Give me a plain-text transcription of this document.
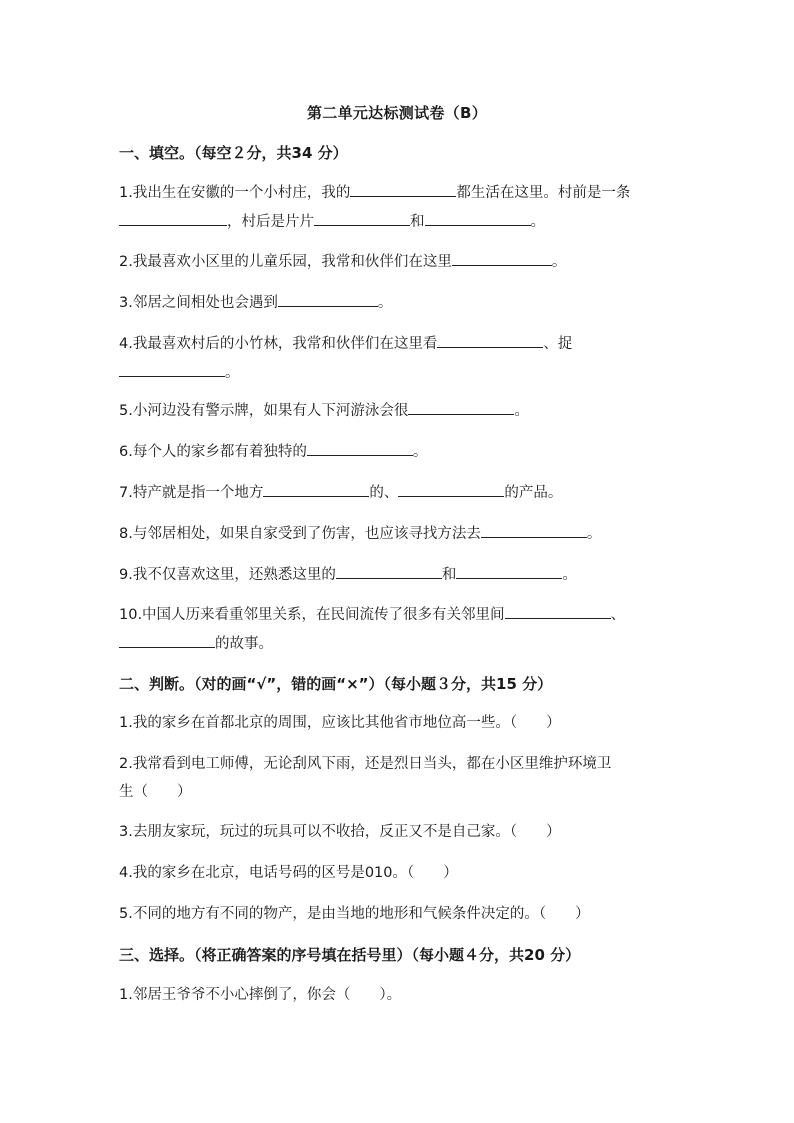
第二单元达标测试卷（B）
一、填空。（每空２分，共34 分）
1.我出生在安徽的一个小村庄，我的	都生活在这里。村前是一条
，村后是片片	和	。
2.我最喜欢小区里的儿童乐园，我常和伙伴们在这里	。
3.邻居之间相处也会遇到	。
4.我最喜欢村后的小竹林，我常和伙伴们在这里看	、捉
。
5.小河边没有警示牌，如果有人下河游泳会很	。
6.每个人的家乡都有着独特的	。
7.特产就是指一个地方	的、	的产品。
8.与邻居相处，如果自家受到了伤害，也应该寻找方法去	。
9.我不仅喜欢这里，还熟悉这里的	和	。
10.中国人历来看重邻里关系，在民间流传了很多有关邻里间	、
的故事。
二、判断。（对的画“√”，错的画“×”）（每小题３分，共15 分）
1.我的家乡在首都北京的周围，应该比其他省市地位高一些。（　　）
2.我常看到电工师傅，无论刮风下雨，还是烈日当头，都在小区里维护环境卫
生（　　）
3.去朋友家玩，玩过的玩具可以不收拾，反正又不是自己家。（　　）
4.我的家乡在北京，电话号码的区号是010。（　　）
5.不同的地方有不同的物产，是由当地的地形和气候条件决定的。（　　）
三、选择。（将正确答案的序号填在括号里）（每小题４分，共20 分）
1.邻居王爷爷不小心摔倒了，你会（　　）。
